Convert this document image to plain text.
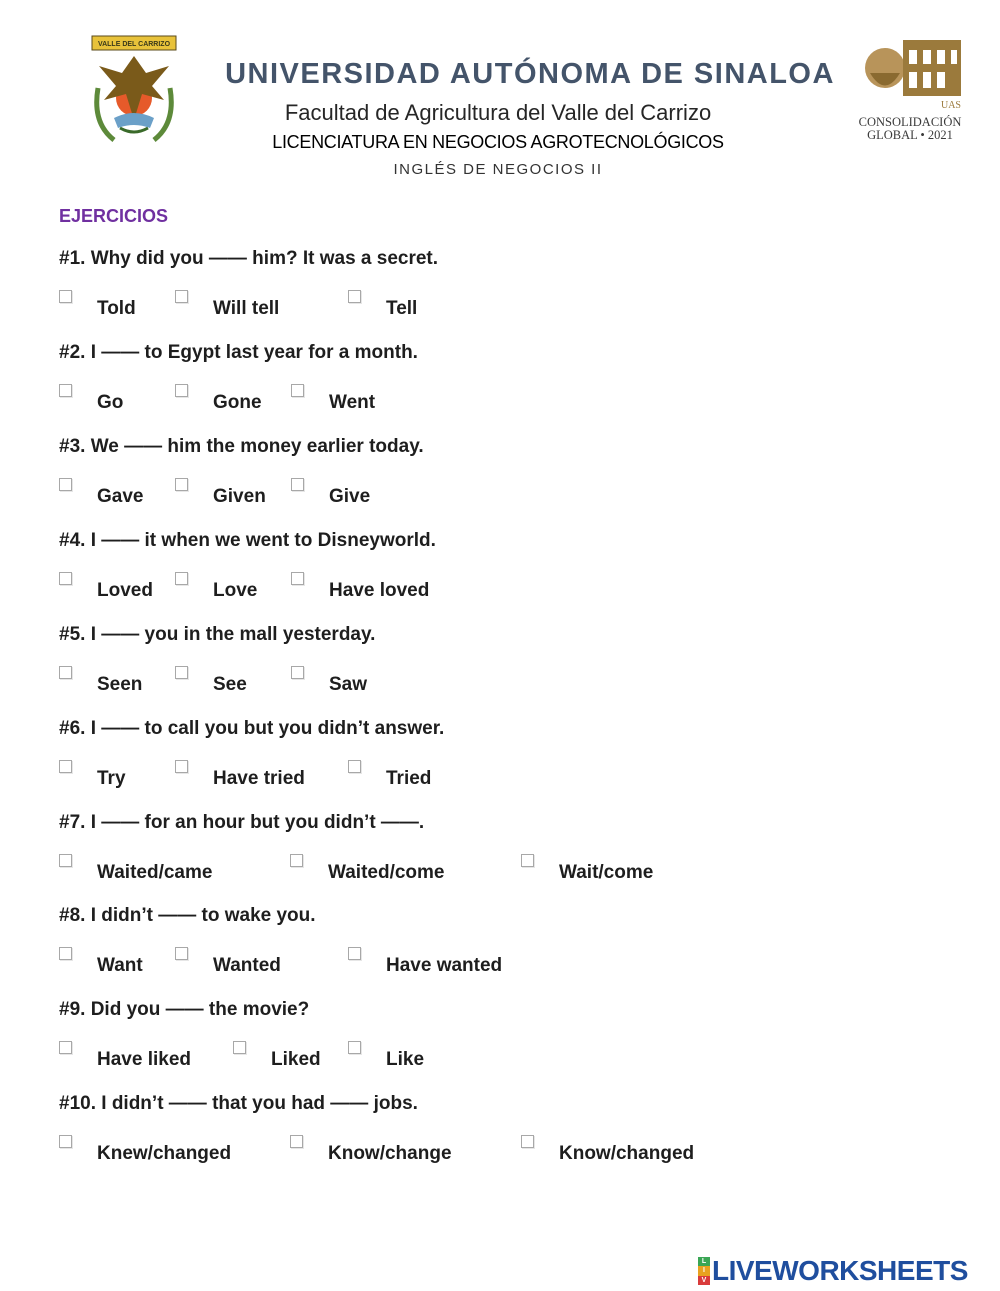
VALLE DEL CARRIZO
UAS
CONSOLIDACIÓN
GLOBAL • 2021
UNIVERSIDAD AUTÓNOMA DE SINALOA
Facultad de Agricultura del Valle del Carrizo
LICENCIATURA EN NEGOCIOS AGROTECNOLÓGICOS
INGLÉS DE NEGOCIOS II
EJERCICIOS
#1. Why did you —— him? It was a secret.
Told	Will tell	Tell
#2. I —— to Egypt last year for a month.
Go	Gone	Went
#3. We —— him the money earlier today.
Gave	Given	Give
#4. I —— it when we went to Disneyworld.
Loved	Love	Have loved
#5. I —— you in the mall yesterday.
Seen	See	Saw
#6. I —— to call you but you didn’t answer.
Try	Have tried	Tried
#7. I —— for an hour but you didn’t ——.
Waited/came	Waited/come	Wait/come
#8. I didn’t —— to wake you.
Want	Wanted	Have wanted
#9. Did you —— the movie?
Have liked	Liked	Like
#10. I didn’t —— that you had —— jobs.
Knew/changed	Know/change	Know/changed
L
I
V LIVEWORKSHEETS
